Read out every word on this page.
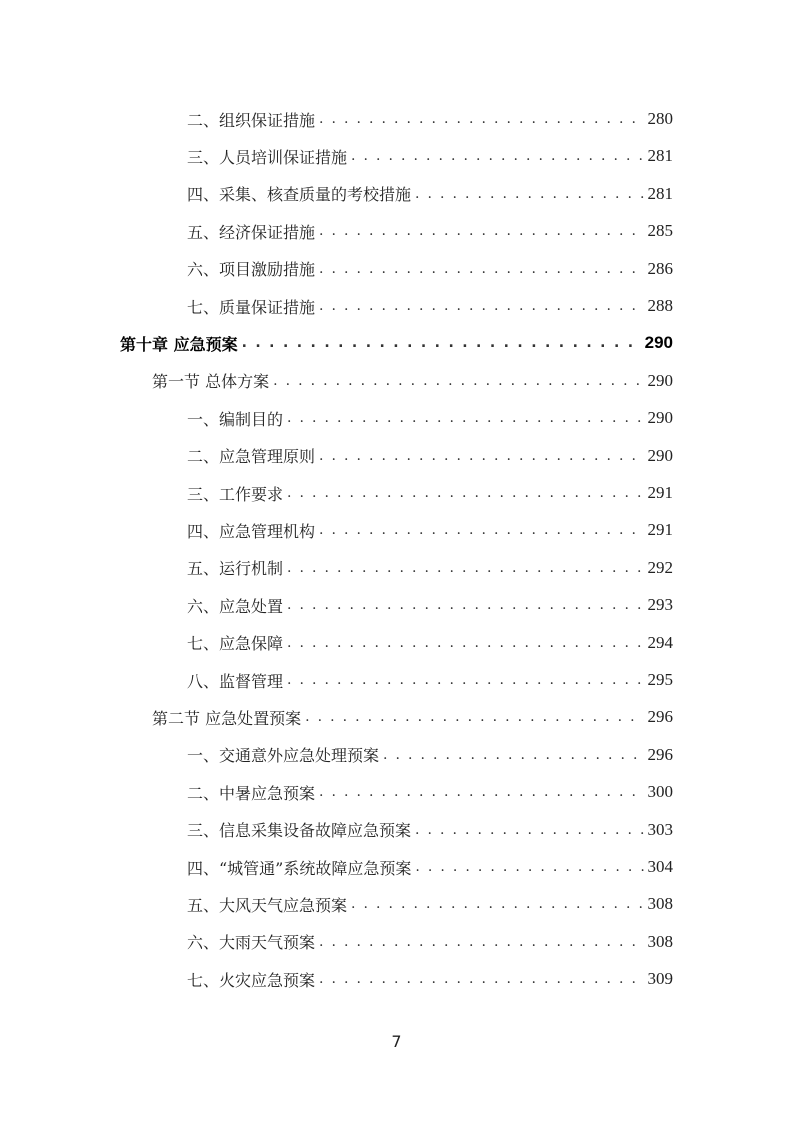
二、组织保证措施 . . .	280
三、人员培训保证措施 . . .	281
四、采集、核查质量的考校措施 . . .	281
五、经济保证措施 . . .	285
六、项目激励措施 . . .	286
七、质量保证措施 . . .	288
第十章 应急预案 . . .	290
第一节 总体方案 . . .	290
一、编制目的 . . .	290
二、应急管理原则 . . .	290
三、工作要求 . . .	291
四、应急管理机构 . . .	291
五、运行机制 . . .	292
六、应急处置 . . .	293
七、应急保障 . . .	294
八、监督管理 . . .	295
第二节 应急处置预案 . . .	296
一、交通意外应急处理预案 . . .	296
二、中暑应急预案 . . .	300
三、信息采集设备故障应急预案 . . .	303
四、“城管通”系统故障应急预案 . . .	304
五、大风天气应急预案 . . .	308
六、大雨天气预案 . . .	308
七、火灾应急预案 . . .	309
7
